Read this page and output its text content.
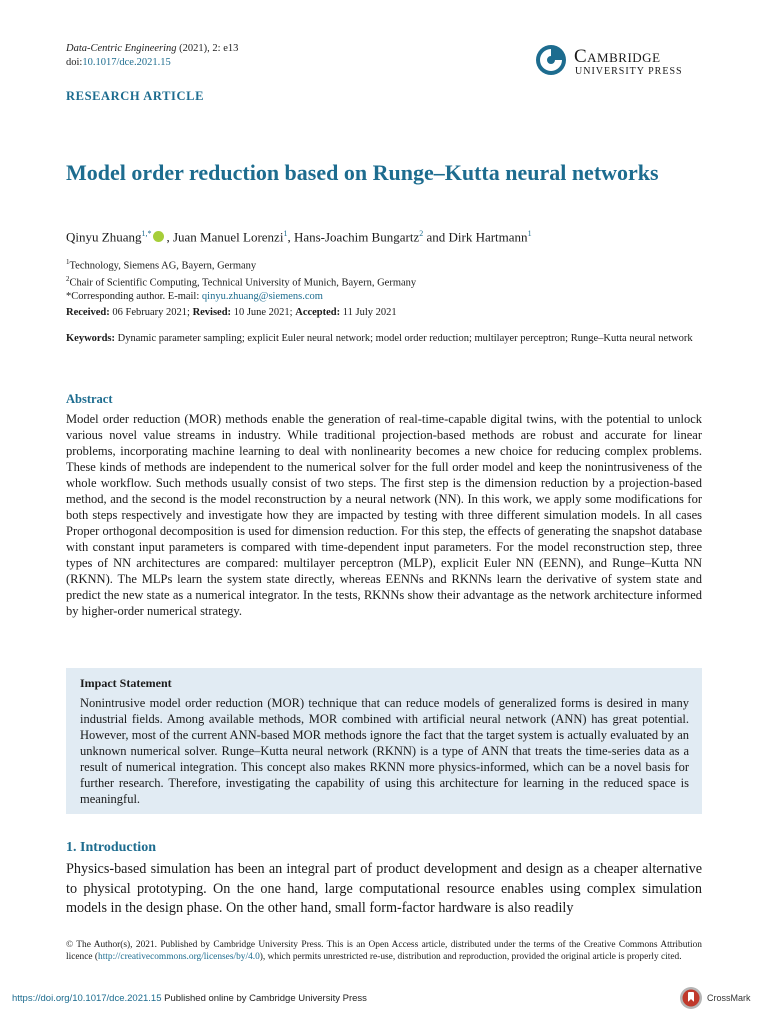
Data-Centric Engineering (2021), 2: e13
doi:10.1017/dce.2021.15	Cambridge
UNIVERSITY PRESS
RESEARCH ARTICLE
Model order reduction based on Runge–Kutta neural networks
Qinyu Zhuang$^{1,*}$ , Juan Manuel Lorenzi$^1$, Hans-Joachim Bungartz$^2$ and Dirk Hartmann$^1$
$^1$Technology, Siemens AG, Bayern, Germany
$^2$Chair of Scientific Computing, Technical University of Munich, Bayern, Germany
*Corresponding author. E-mail: qinyu.zhuang@siemens.com
Received: 06 February 2021; Revised: 10 June 2021; Accepted: 11 July 2021
Keywords: Dynamic parameter sampling; explicit Euler neural network; model order reduction; multilayer perceptron; Runge–Kutta neural network
Abstract
Model order reduction (MOR) methods enable the generation of real-time-capable digital twins, with the potential to unlock various novel value streams in industry. While traditional projection-based methods are robust and accurate for linear problems, incorporating machine learning to deal with nonlinearity becomes a new choice for reducing complex problems. These kinds of methods are independent to the numerical solver for the full order model and keep the nonintrusiveness of the whole workflow. Such methods usually consist of two steps. The first step is the dimension reduction by a projection-based method, and the second is the model reconstruction by a neural network (NN). In this work, we apply some modifications for both steps respectively and investigate how they are impacted by testing with three different simulation models. In all cases Proper orthogonal decomposition is used for dimension reduction. For this step, the effects of generating the snapshot database with constant input parameters is compared with time-dependent input parameters. For the model reconstruction step, three types of NN architectures are compared: multilayer perceptron (MLP), explicit Euler NN (EENN), and Runge–Kutta NN (RKNN). The MLPs learn the system state directly, whereas EENNs and RKNNs learn the derivative of system state and predict the new state as a numerical integrator. In the tests, RKNNs show their advantage as the network architecture informed by higher-order numerical strategy.
Impact Statement
Nonintrusive model order reduction (MOR) technique that can reduce models of generalized forms is desired in many industrial fields. Among available methods, MOR combined with artificial neural network (ANN) has great potential. However, most of the current ANN-based MOR methods ignore the fact that the target system is actually evaluated by an unknown numerical solver. Runge–Kutta neural network (RKNN) is a type of ANN that treats the time-series data as a result of numerical integration. This concept also makes RKNN more physics-informed, which can be a novel basis for further research. Therefore, investigating the capability of using this architecture for learning in the reduced space is meaningful.
1. Introduction
Physics-based simulation has been an integral part of product development and design as a cheaper alternative to physical prototyping. On the one hand, large computational resource enables using complex simulation models in the design phase. On the other hand, small form-factor hardware is also readily
© The Author(s), 2021. Published by Cambridge University Press. This is an Open Access article, distributed under the terms of the Creative Commons Attribution licence (http://creativecommons.org/licenses/by/4.0), which permits unrestricted re-use, distribution and reproduction, provided the original article is properly cited.
https://doi.org/10.1017/dce.2021.15 Published online by Cambridge University Press	CrossMark
